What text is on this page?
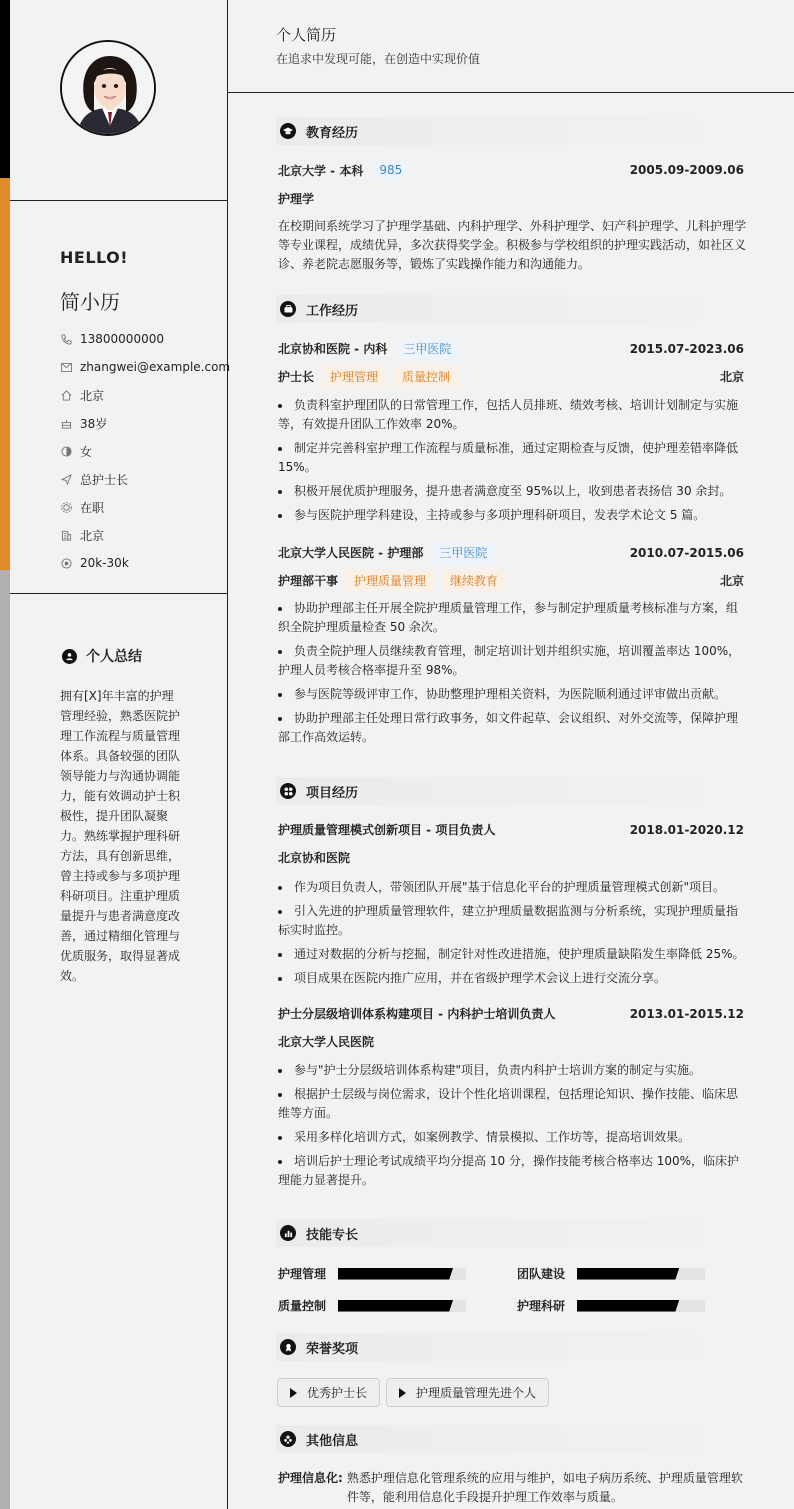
HELLO!
简小历
13800000000
zhangwei@example.com
北京
38岁
女
总护士长
在职
北京
20k-30k
个人总结
拥有[X]年丰富的护理管理经验，熟悉医院护理工作流程与质量管理体系。具备较强的团队领导能力与沟通协调能力，能有效调动护士积极性，提升团队凝聚力。熟练掌握护理科研方法，具有创新思维，曾主持或参与多项护理科研项目。注重护理质量提升与患者满意度改善，通过精细化管理与优质服务，取得显著成效。
个人简历
在追求中发现可能，在创造中实现价值
教育经历
北京大学 - 本科	985	2005.09-2009.06
护理学
在校期间系统学习了护理学基础、内科护理学、外科护理学、妇产科护理学、儿科护理学等专业课程，成绩优异，多次获得奖学金。积极参与学校组织的护理实践活动，如社区义诊、养老院志愿服务等，锻炼了实践操作能力和沟通能力。
工作经历
北京协和医院 - 内科	三甲医院	2015.07-2023.06
护士长	护理管理	质量控制	北京
负责科室护理团队的日常管理工作，包括人员排班、绩效考核、培训计划制定与实施等，有效提升团队工作效率 20%。
制定并完善科室护理工作流程与质量标准，通过定期检查与反馈，使护理差错率降低 15%。
积极开展优质护理服务，提升患者满意度至 95%以上，收到患者表扬信 30 余封。
参与医院护理学科建设，主持或参与多项护理科研项目，发表学术论文 5 篇。
北京大学人民医院 - 护理部	三甲医院	2010.07-2015.06
护理部干事	护理质量管理	继续教育	北京
协助护理部主任开展全院护理质量管理工作，参与制定护理质量考核标准与方案，组织全院护理质量检查 50 余次。
负责全院护理人员继续教育管理，制定培训计划并组织实施，培训覆盖率达 100%，护理人员考核合格率提升至 98%。
参与医院等级评审工作，协助整理护理相关资料，为医院顺利通过评审做出贡献。
协助护理部主任处理日常行政事务，如文件起草、会议组织、对外交流等，保障护理部工作高效运转。
项目经历
护理质量管理模式创新项目 - 项目负责人	2018.01-2020.12
北京协和医院
作为项目负责人，带领团队开展"基于信息化平台的护理质量管理模式创新"项目。
引入先进的护理质量管理软件，建立护理质量数据监测与分析系统，实现护理质量指标实时监控。
通过对数据的分析与挖掘，制定针对性改进措施，使护理质量缺陷发生率降低 25%。
项目成果在医院内推广应用，并在省级护理学术会议上进行交流分享。
护士分层级培训体系构建项目 - 内科护士培训负责人	2013.01-2015.12
北京大学人民医院
参与"护士分层级培训体系构建"项目，负责内科护士培训方案的制定与实施。
根据护士层级与岗位需求，设计个性化培训课程，包括理论知识、操作技能、临床思维等方面。
采用多样化培训方式，如案例教学、情景模拟、工作坊等，提高培训效果。
培训后护士理论考试成绩平均分提高 10 分，操作技能考核合格率达 100%，临床护理能力显著提升。
技能专长
护理管理	团队建设
质量控制	护理科研
荣誉奖项
优秀护士长	护理质量管理先进个人
其他信息
护理信息化: 熟悉护理信息化管理系统的应用与维护，如电子病历系统、护理质量管理软件等，能利用信息化手段提升护理工作效率与质量。
